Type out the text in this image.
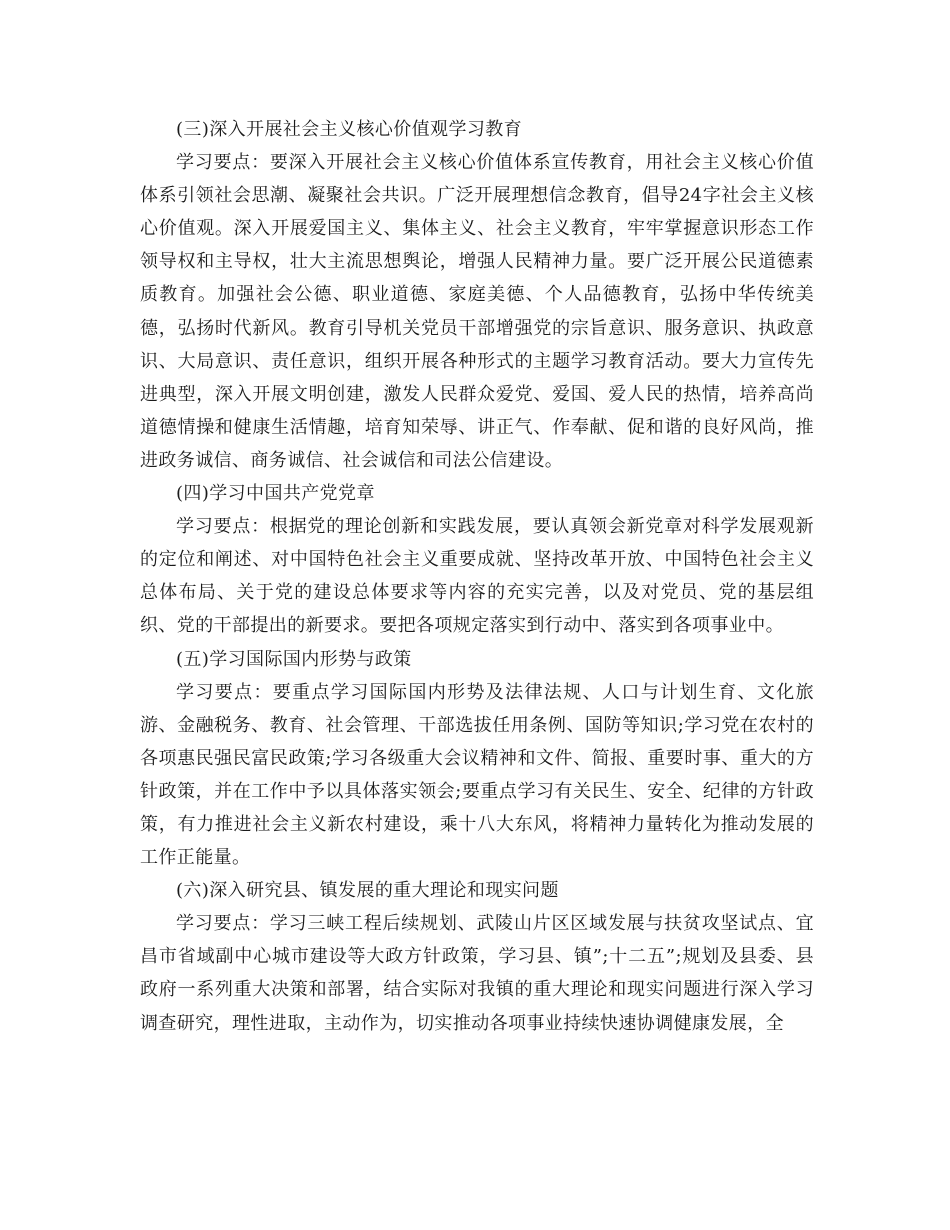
(三)深入开展社会主义核心价值观学习教育

学习要点：要深入开展社会主义核心价值体系宣传教育，用社会主义核心价值体系引领社会思潮、凝聚社会共识。广泛开展理想信念教育，倡导24字社会主义核心价值观。深入开展爱国主义、集体主义、社会主义教育，牢牢掌握意识形态工作领导权和主导权，壮大主流思想舆论，增强人民精神力量。要广泛开展公民道德素质教育。加强社会公德、职业道德、家庭美德、个人品德教育，弘扬中华传统美德，弘扬时代新风。教育引导机关党员干部增强党的宗旨意识、服务意识、执政意识、大局意识、责任意识，组织开展各种形式的主题学习教育活动。要大力宣传先进典型，深入开展文明创建，激发人民群众爱党、爱国、爱人民的热情，培养高尚道德情操和健康生活情趣，培育知荣辱、讲正气、作奉献、促和谐的良好风尚，推进政务诚信、商务诚信、社会诚信和司法公信建设。

(四)学习中国共产党党章

学习要点：根据党的理论创新和实践发展，要认真领会新党章对科学发展观新的定位和阐述、对中国特色社会主义重要成就、坚持改革开放、中国特色社会主义总体布局、关于党的建设总体要求等内容的充实完善，以及对党员、党的基层组织、党的干部提出的新要求。要把各项规定落实到行动中、落实到各项事业中。

(五)学习国际国内形势与政策

学习要点：要重点学习国际国内形势及法律法规、人口与计划生育、文化旅游、金融税务、教育、社会管理、干部选拔任用条例、国防等知识;学习党在农村的各项惠民强民富民政策;学习各级重大会议精神和文件、简报、重要时事、重大的方针政策，并在工作中予以具体落实领会;要重点学习有关民生、安全、纪律的方针政策，有力推进社会主义新农村建设，乘十八大东风，将精神力量转化为推动发展的工作正能量。

(六)深入研究县、镇发展的重大理论和现实问题

学习要点：学习三峡工程后续规划、武陵山片区区域发展与扶贫攻坚试点、宜昌市省域副中心城市建设等大政方针政策，学习县、镇”;十二五”;规划及县委、县政府一系列重大决策和部署，结合实际对我镇的重大理论和现实问题进行深入学习调查研究，理性进取，主动作为，切实推动各项事业持续快速协调健康发展，全
